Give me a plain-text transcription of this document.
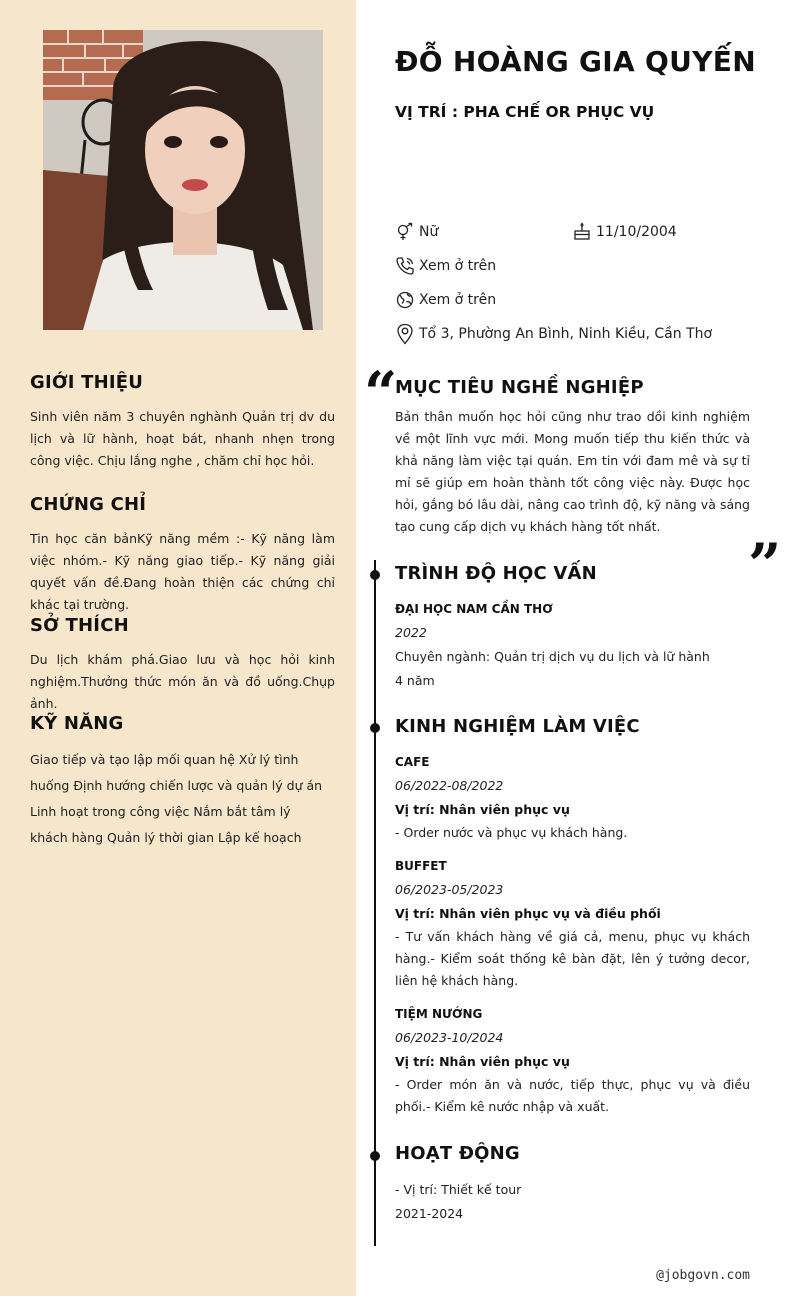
GIỚI THIỆU

Sinh viên năm 3 chuyên nghành Quản trị dv du lịch và lữ hành, hoạt bát, nhanh nhẹn trong công việc. Chịu lắng nghe , chăm chỉ học hỏi.

CHỨNG CHỈ

Tin học căn bảnKỹ năng mềm :- Kỹ năng làm việc nhóm.- Kỹ năng giao tiếp.- Kỹ năng giải quyết vấn đề.Đang hoàn thiện các chứng chỉ khác tại trường.

SỞ THÍCH

Du lịch khám phá.Giao lưu và học hỏi kinh nghiệm.Thưởng thức món ăn và đồ uống.Chụp ảnh.

KỸ NĂNG

Giao tiếp và tạo lập mối quan hệ Xử lý tình huống Định hướng chiến lược và quản lý dự án Linh hoạt trong công việc Nắm bắt tâm lý khách hàng Quản lý thời gian Lập kế hoạch

ĐỖ HOÀNG GIA QUYẾN
VỊ TRÍ : PHA CHẾ OR PHỤC VỤ
Nữ	11/10/2004
Xem ở trên
Xem ở trên
Tổ 3, Phường An Bình, Ninh Kiều, Cần Thơ
“
MỤC TIÊU NGHỀ NGHIỆP
Bản thân muốn học hỏi cũng như trao dồi kinh nghiệm về một lĩnh vực mới. Mong muốn tiếp thu kiến thức và khả năng làm việc tại quán. Em tin với đam mê và sự tỉ mỉ sẽ giúp em hoàn thành tốt công việc này. Được học hỏi, gắng bó lâu dài, nâng cao trình độ, kỹ năng và sáng tạo cung cấp dịch vụ khách hàng tốt nhất.
”
TRÌNH ĐỘ HỌC VẤN
ĐẠI HỌC NAM CẦN THƠ
2022
Chuyên ngành: Quản trị dịch vụ du lịch và lữ hành
4 năm
KINH NGHIỆM LÀM VIỆC
CAFE
06/2022-08/2022
Vị trí: Nhân viên phục vụ
- Order nước và phục vụ khách hàng.
BUFFET
06/2023-05/2023
Vị trí: Nhân viên phục vụ và điều phối
- Tư vấn khách hàng về giá cả, menu, phục vụ khách hàng.- Kiểm soát thống kê bàn đặt, lên ý tưởng decor, liên hệ khách hàng.
TIỆM NƯỚNG
06/2023-10/2024
Vị trí: Nhân viên phục vụ
- Order món ăn và nước, tiếp thực, phục vụ và điều phối.- Kiểm kê nước nhập và xuất.
HOẠT ĐỘNG
- Vị trí: Thiết kế tour
2021-2024
@jobgovn.com
